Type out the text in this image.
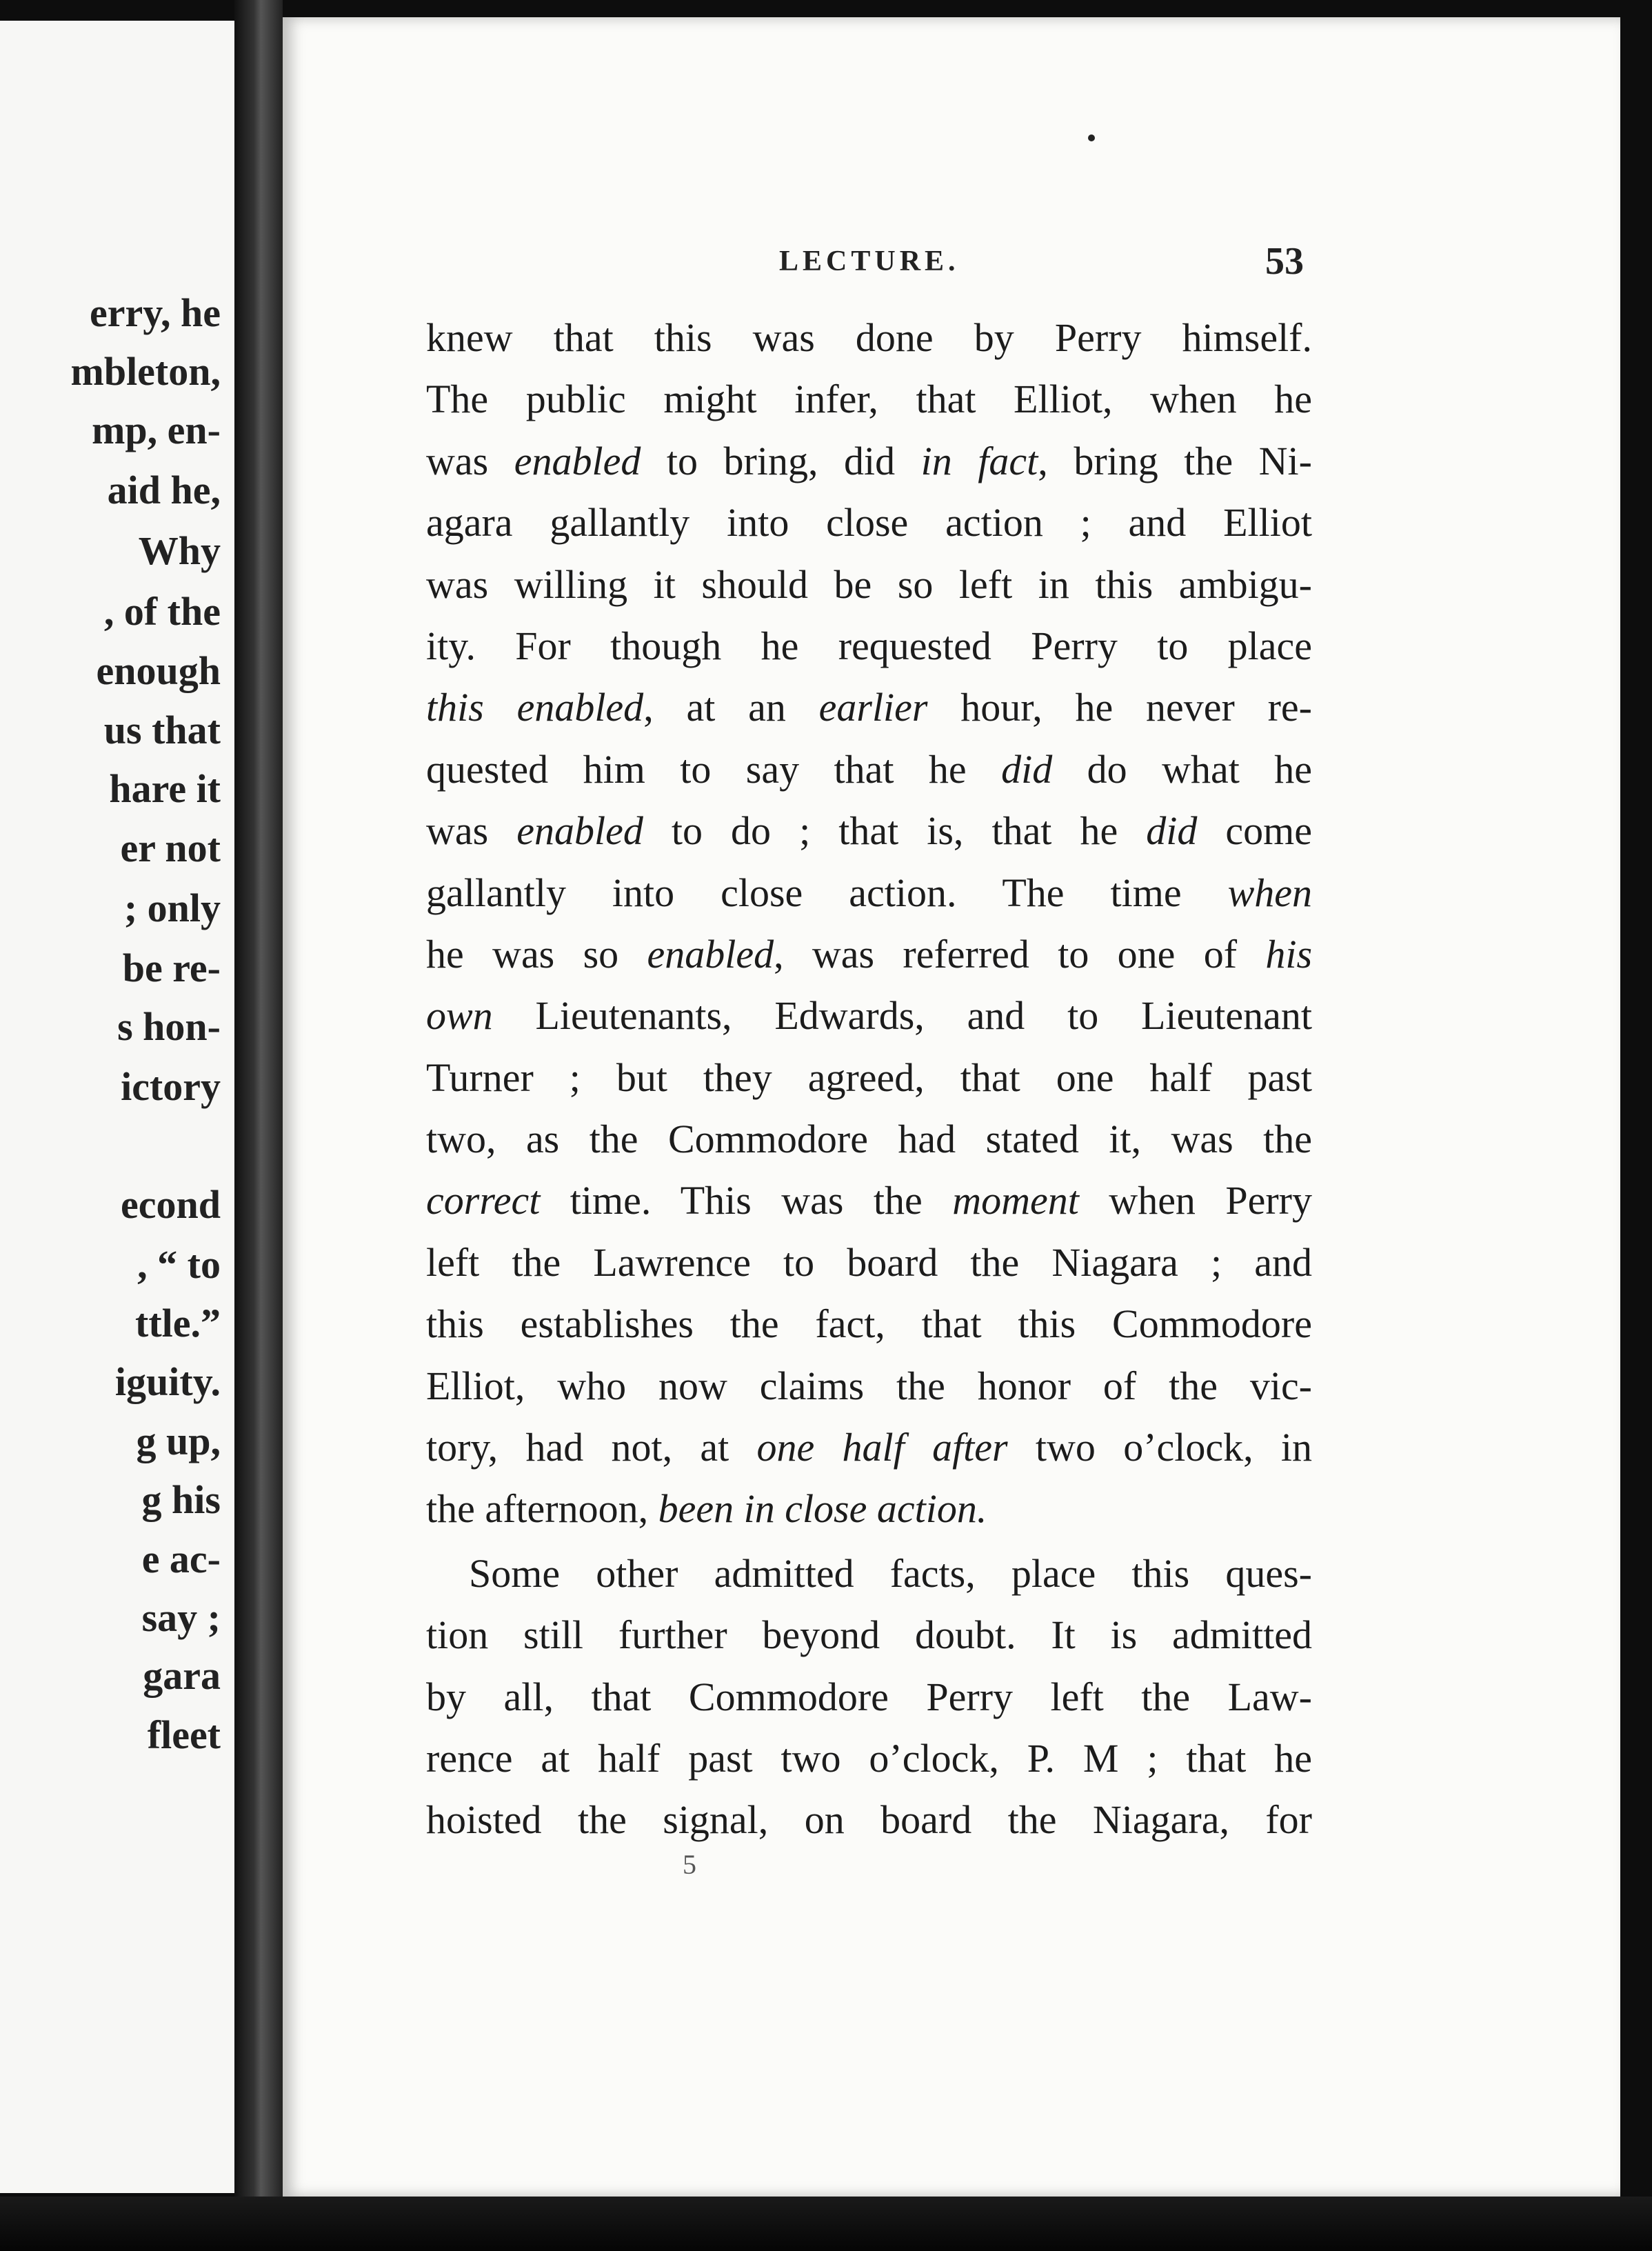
erry, he
mbleton,
mp, en-
aid he,
Why
, of the
enough
us that
hare it
er not
; only
be re-
s hon-
ictory
econd
, “ to
ttle.”
iguity.
g up,
g his
e ac-
say ;
gara
fleet
LECTURE.	53
knew that this was done by Perry himself.
The public might infer, that Elliot, when he
was enabled to bring, did in fact, bring the Ni-
agara gallantly into close action ; and Elliot
was willing it should be so left in this ambigu-
ity. For though he requested Perry to place
this enabled, at an earlier hour, he never re-
quested him to say that he did do what he
was enabled to do ; that is, that he did come
gallantly into close action. The time when
he was so enabled, was referred to one of his
own Lieutenants, Edwards, and to Lieutenant
Turner ; but they agreed, that one half past
two, as the Commodore had stated it, was the
correct time. This was the moment when Perry
left the Lawrence to board the Niagara ; and
this establishes the fact, that this Commodore
Elliot, who now claims the honor of the vic-
tory, had not, at one half after two o’clock, in
the afternoon, been in close action.
Some other admitted facts, place this ques-
tion still further beyond doubt. It is admitted
by all, that Commodore Perry left the Law-
rence at half past two o’clock, P. M ; that he
hoisted the signal, on board the Niagara, for
5
